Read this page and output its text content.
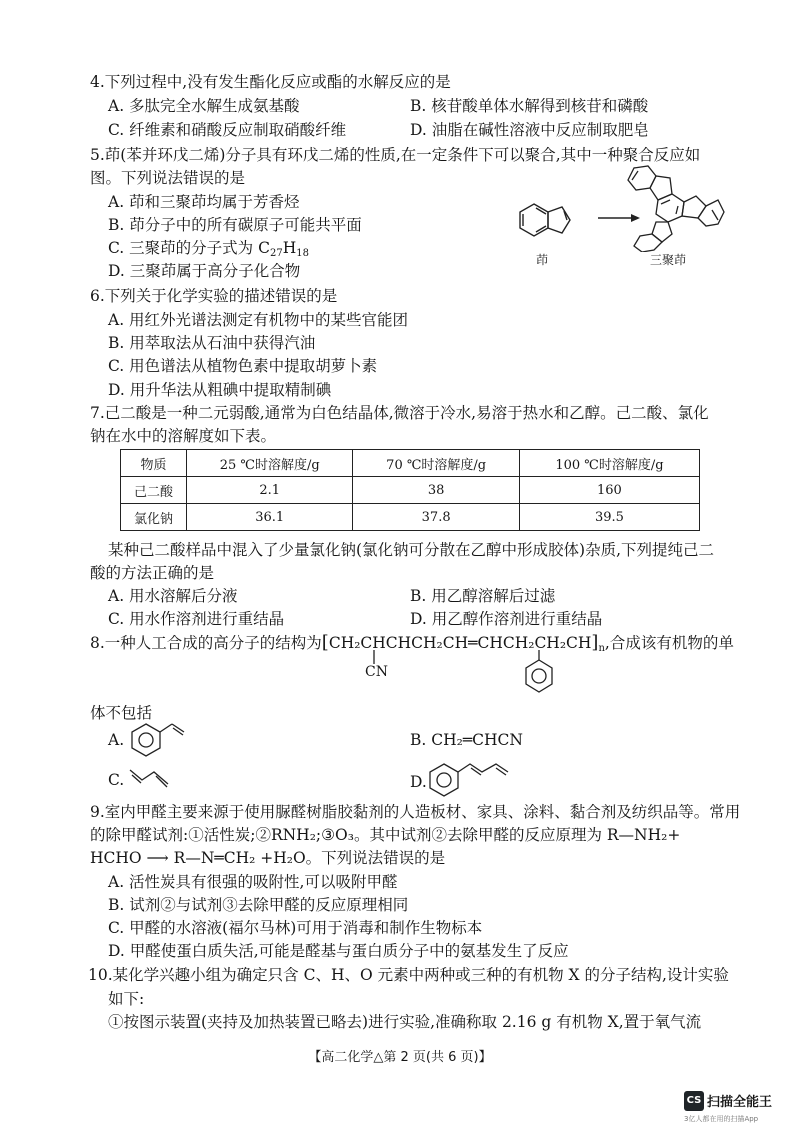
4.下列过程中,没有发生酯化反应或酯的水解反应的是
A. 多肽完全水解生成氨基酸	B. 核苷酸单体水解得到核苷和磷酸
C. 纤维素和硝酸反应制取硝酸纤维	D. 油脂在碱性溶液中反应制取肥皂
5.茚(苯并环戊二烯)分子具有环戊二烯的性质,在一定条件下可以聚合,其中一种聚合反应如
图。下列说法错误的是
A. 茚和三聚茚均属于芳香烃
B. 茚分子中的所有碳原子可能共平面
C. 三聚茚的分子式为 $C_{27}H_{18}$
D. 三聚茚属于高分子化合物
茚	三聚茚
6.下列关于化学实验的描述错误的是
A. 用红外光谱法测定有机物中的某些官能团
B. 用萃取法从石油中获得汽油
C. 用色谱法从植物色素中提取胡萝卜素
D. 用升华法从粗碘中提取精制碘
7.己二酸是一种二元弱酸,通常为白色结晶体,微溶于冷水,易溶于热水和乙醇。己二酸、氯化
钠在水中的溶解度如下表。
物质	25 ℃时溶解度/g	70 ℃时溶解度/g	100 ℃时溶解度/g
己二酸	2.1	38	160
氯化钠	36.1	37.8	39.5
某种己二酸样品中混入了少量氯化钠(氯化钠可分散在乙醇中形成胶体)杂质,下列提纯己二
酸的方法正确的是
A. 用水溶解后分液	B. 用乙醇溶解后过滤
C. 用水作溶剂进行重结晶	D. 用乙醇作溶剂进行重结晶
8.一种人工合成的高分子的结构为$[CH_2CHCHCH_2CH═CHCH_2CH_2CH]_n$,合成该有机物的单
CN
体不包括
A.	B. CH₂═CHCN
C.	D.
9.室内甲醛主要来源于使用脲醛树脂胶黏剂的人造板材、家具、涂料、黏合剂及纺织品等。常用
的除甲醛试剂:①活性炭;②RNH₂;③O₃。其中试剂②去除甲醛的反应原理为 R—NH₂+
HCHO ⟶ R—N═CH₂ +H₂O。下列说法错误的是
A. 活性炭具有很强的吸附性,可以吸附甲醛
B. 试剂②与试剂③去除甲醛的反应原理相同
C. 甲醛的水溶液(福尔马林)可用于消毒和制作生物标本
D. 甲醛使蛋白质失活,可能是醛基与蛋白质分子中的氨基发生了反应
10.某化学兴趣小组为确定只含 C、H、O 元素中两种或三种的有机物 X 的分子结构,设计实验
如下:
①按图示装置(夹持及加热装置已略去)进行实验,准确称取 2.16 g 有机物 X,置于氧气流
【高二化学△第 2 页(共 6 页)】
CS 扫描全能王
3亿人都在用的扫描App
